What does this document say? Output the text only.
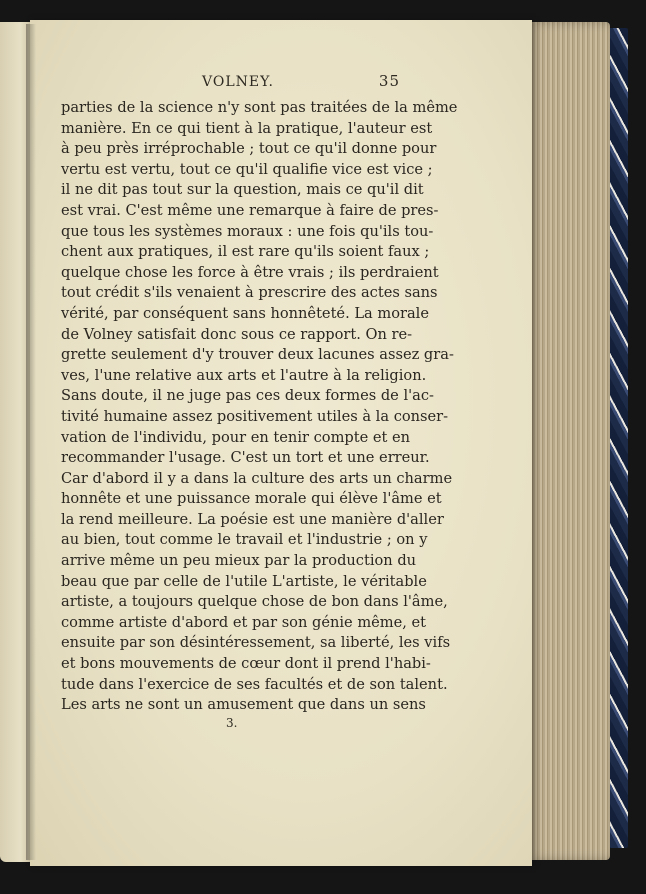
VOLNEY.	35
parties de la science n'y sont pas traitées de la même
manière. En ce qui tient à la pratique, l'auteur est
à peu près irréprochable ; tout ce qu'il donne pour
vertu est vertu, tout ce qu'il qualifie vice est vice ;
il ne dit pas tout sur la question, mais ce qu'il dit
est vrai. C'est même une remarque à faire de pres-
que tous les systèmes moraux : une fois qu'ils tou-
chent aux pratiques, il est rare qu'ils soient faux ;
quelque chose les force à être vrais ; ils perdraient
tout crédit s'ils venaient à prescrire des actes sans
vérité, par conséquent sans honnêteté. La morale
de Volney satisfait donc sous ce rapport. On re-
grette seulement d'y trouver deux lacunes assez gra-
ves, l'une relative aux arts et l'autre à la religion.
Sans doute, il ne juge pas ces deux formes de l'ac-
tivité humaine assez positivement utiles à la conser-
vation de l'individu, pour en tenir compte et en
recommander l'usage. C'est un tort et une erreur.
Car d'abord il y a dans la culture des arts un charme
honnête et une puissance morale qui élève l'âme et
la rend meilleure. La poésie est une manière d'aller
au bien, tout comme le travail et l'industrie ; on y
arrive même un peu mieux par la production du
beau que par celle de l'utile L'artiste, le véritable
artiste, a toujours quelque chose de bon dans l'âme,
comme artiste d'abord et par son génie même, et
ensuite par son désintéressement, sa liberté, les vifs
et bons mouvements de cœur dont il prend l'habi-
tude dans l'exercice de ses facultés et de son talent.
Les arts ne sont un amusement que dans un sens
3.
